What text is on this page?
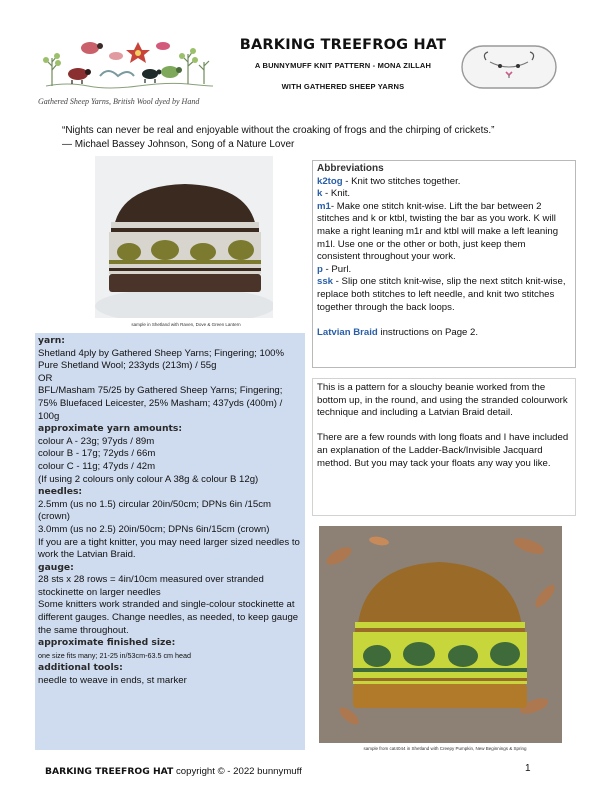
Gathered Sheep Yarns, British Wool dyed by Hand
BARKING TREEFROG HAT
A BUNNYMUFF KNIT PATTERN - MONA ZILLAH
WITH GATHERED SHEEP YARNS
“Nights can never be real and enjoyable without the croaking of frogs and the chirping of crickets.”
— Michael Bassey Johnson, Song of a Nature Lover
sample in Shetland with Raven, Dove & Green Lantern
yarn:
Shetland 4ply by Gathered Sheep Yarns; Fingering; 100% Pure Shetland Wool; 233yds (213m) / 55g
OR
BFL/Masham 75/25 by Gathered Sheep Yarns; Fingering; 75% Bluefaced Leicester, 25% Masham; 437yds (400m) / 100g
approximate yarn amounts:
colour A - 23g; 97yds / 89m
colour B - 17g; 72yds / 66m
colour C - 11g; 47yds / 42m
(If using 2 colours only colour A 38g & colour B 12g)
needles:
2.5mm (us no 1.5) circular 20in/50cm; DPNs 6in /15cm (crown)
3.0mm (us no 2.5) 20in/50cm; DPNs 6in/15cm (crown)
If you are a tight knitter, you may need larger sized needles to work the Latvian Braid.
gauge:
28 sts x 28 rows = 4in/10cm measured over stranded stockinette on larger needles
Some knitters work stranded and single-colour stockinette at different gauges. Change needles, as needed, to keep gauge the same throughout.
approximate finished size:
one size fits many; 21-25 in/53cm-63.5 cm head
additional tools:
needle to weave in ends, st marker
Abbreviations
k2tog - Knit two stitches together.
k - Knit.
m1- Make one stitch knit-wise. Lift the bar between 2 stitches and k or ktbl, twisting the bar as you work. K will make a right leaning m1r and ktbl will make a left leaning m1l. Use one or the other or both, just keep them consistent throughout your work.
p - Purl.
ssk - Slip one stitch knit-wise, slip the next stitch knit-wise, replace both stitches to left needle, and knit two stitches together through the back loops.
Latvian Braid instructions on Page 2.

This is a pattern for a slouchy beanie worked from the bottom up, in the round, and using the stranded colourwork technique and including a Latvian Braid detail.

There are a few rounds with long floats and I have included an explanation of the Ladder-Back/Invisible Jacquard method. But you may tack your floats any way you like.

sample from cat4044 in Shetland with Creepy Pumpkin, New Beginnings & Spring
BARKING TREEFROG HAT copyright © - 2022 bunnymuff	1
